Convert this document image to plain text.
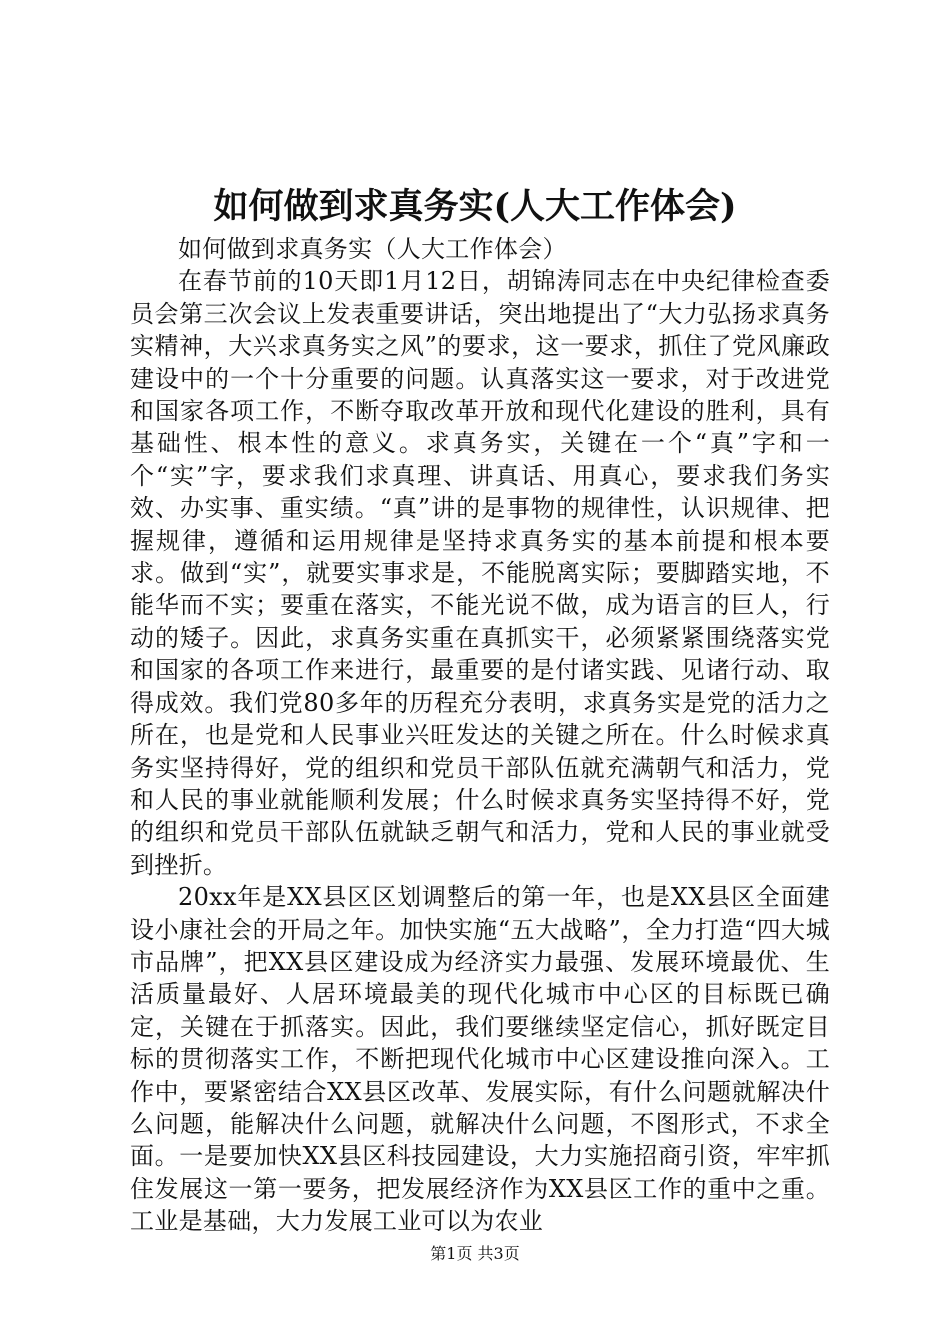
如何做到求真务实(人大工作体会)

如何做到求真务实（人大工作体会）

在春节前的10天即1月12日，胡锦涛同志在中央纪律检查委员会第三次会议上发表重要讲话，突出地提出了“大力弘扬求真务实精神，大兴求真务实之风”的要求，这一要求，抓住了党风廉政建设中的一个十分重要的问题。认真落实这一要求，对于改进党和国家各项工作，不断夺取改革开放和现代化建设的胜利，具有基础性、根本性的意义。求真务实，关键在一个“真”字和一个“实”字，要求我们求真理、讲真话、用真心，要求我们务实效、办实事、重实绩。“真”讲的是事物的规律性，认识规律、把握规律，遵循和运用规律是坚持求真务实的基本前提和根本要求。做到“实”，就要实事求是，不能脱离实际；要脚踏实地，不能华而不实；要重在落实，不能光说不做，成为语言的巨人，行动的矮子。因此，求真务实重在真抓实干，必须紧紧围绕落实党和国家的各项工作来进行，最重要的是付诸实践、见诸行动、取得成效。我们党80多年的历程充分表明，求真务实是党的活力之所在，也是党和人民事业兴旺发达的关键之所在。什么时候求真务实坚持得好，党的组织和党员干部队伍就充满朝气和活力，党和人民的事业就能顺利发展；什么时候求真务实坚持得不好，党的组织和党员干部队伍就缺乏朝气和活力，党和人民的事业就受到挫折。

20xx年是XX县区区划调整后的第一年，也是XX县区全面建设小康社会的开局之年。加快实施“五大战略”，全力打造“四大城市品牌”，把XX县区建设成为经济实力最强、发展环境最优、生活质量最好、人居环境最美的现代化城市中心区的目标既已确定，关键在于抓落实。因此，我们要继续坚定信心，抓好既定目标的贯彻落实工作，不断把现代化城市中心区建设推向深入。工作中，要紧密结合XX县区改革、发展实际，有什么问题就解决什么问题，能解决什么问题，就解决什么问题，不图形式，不求全面。一是要加快XX县区科技园建设，大力实施招商引资，牢牢抓住发展这一第一要务，把发展经济作为XX县区工作的重中之重。工业是基础，大力发展工业可以为农业

第1页 共3页
